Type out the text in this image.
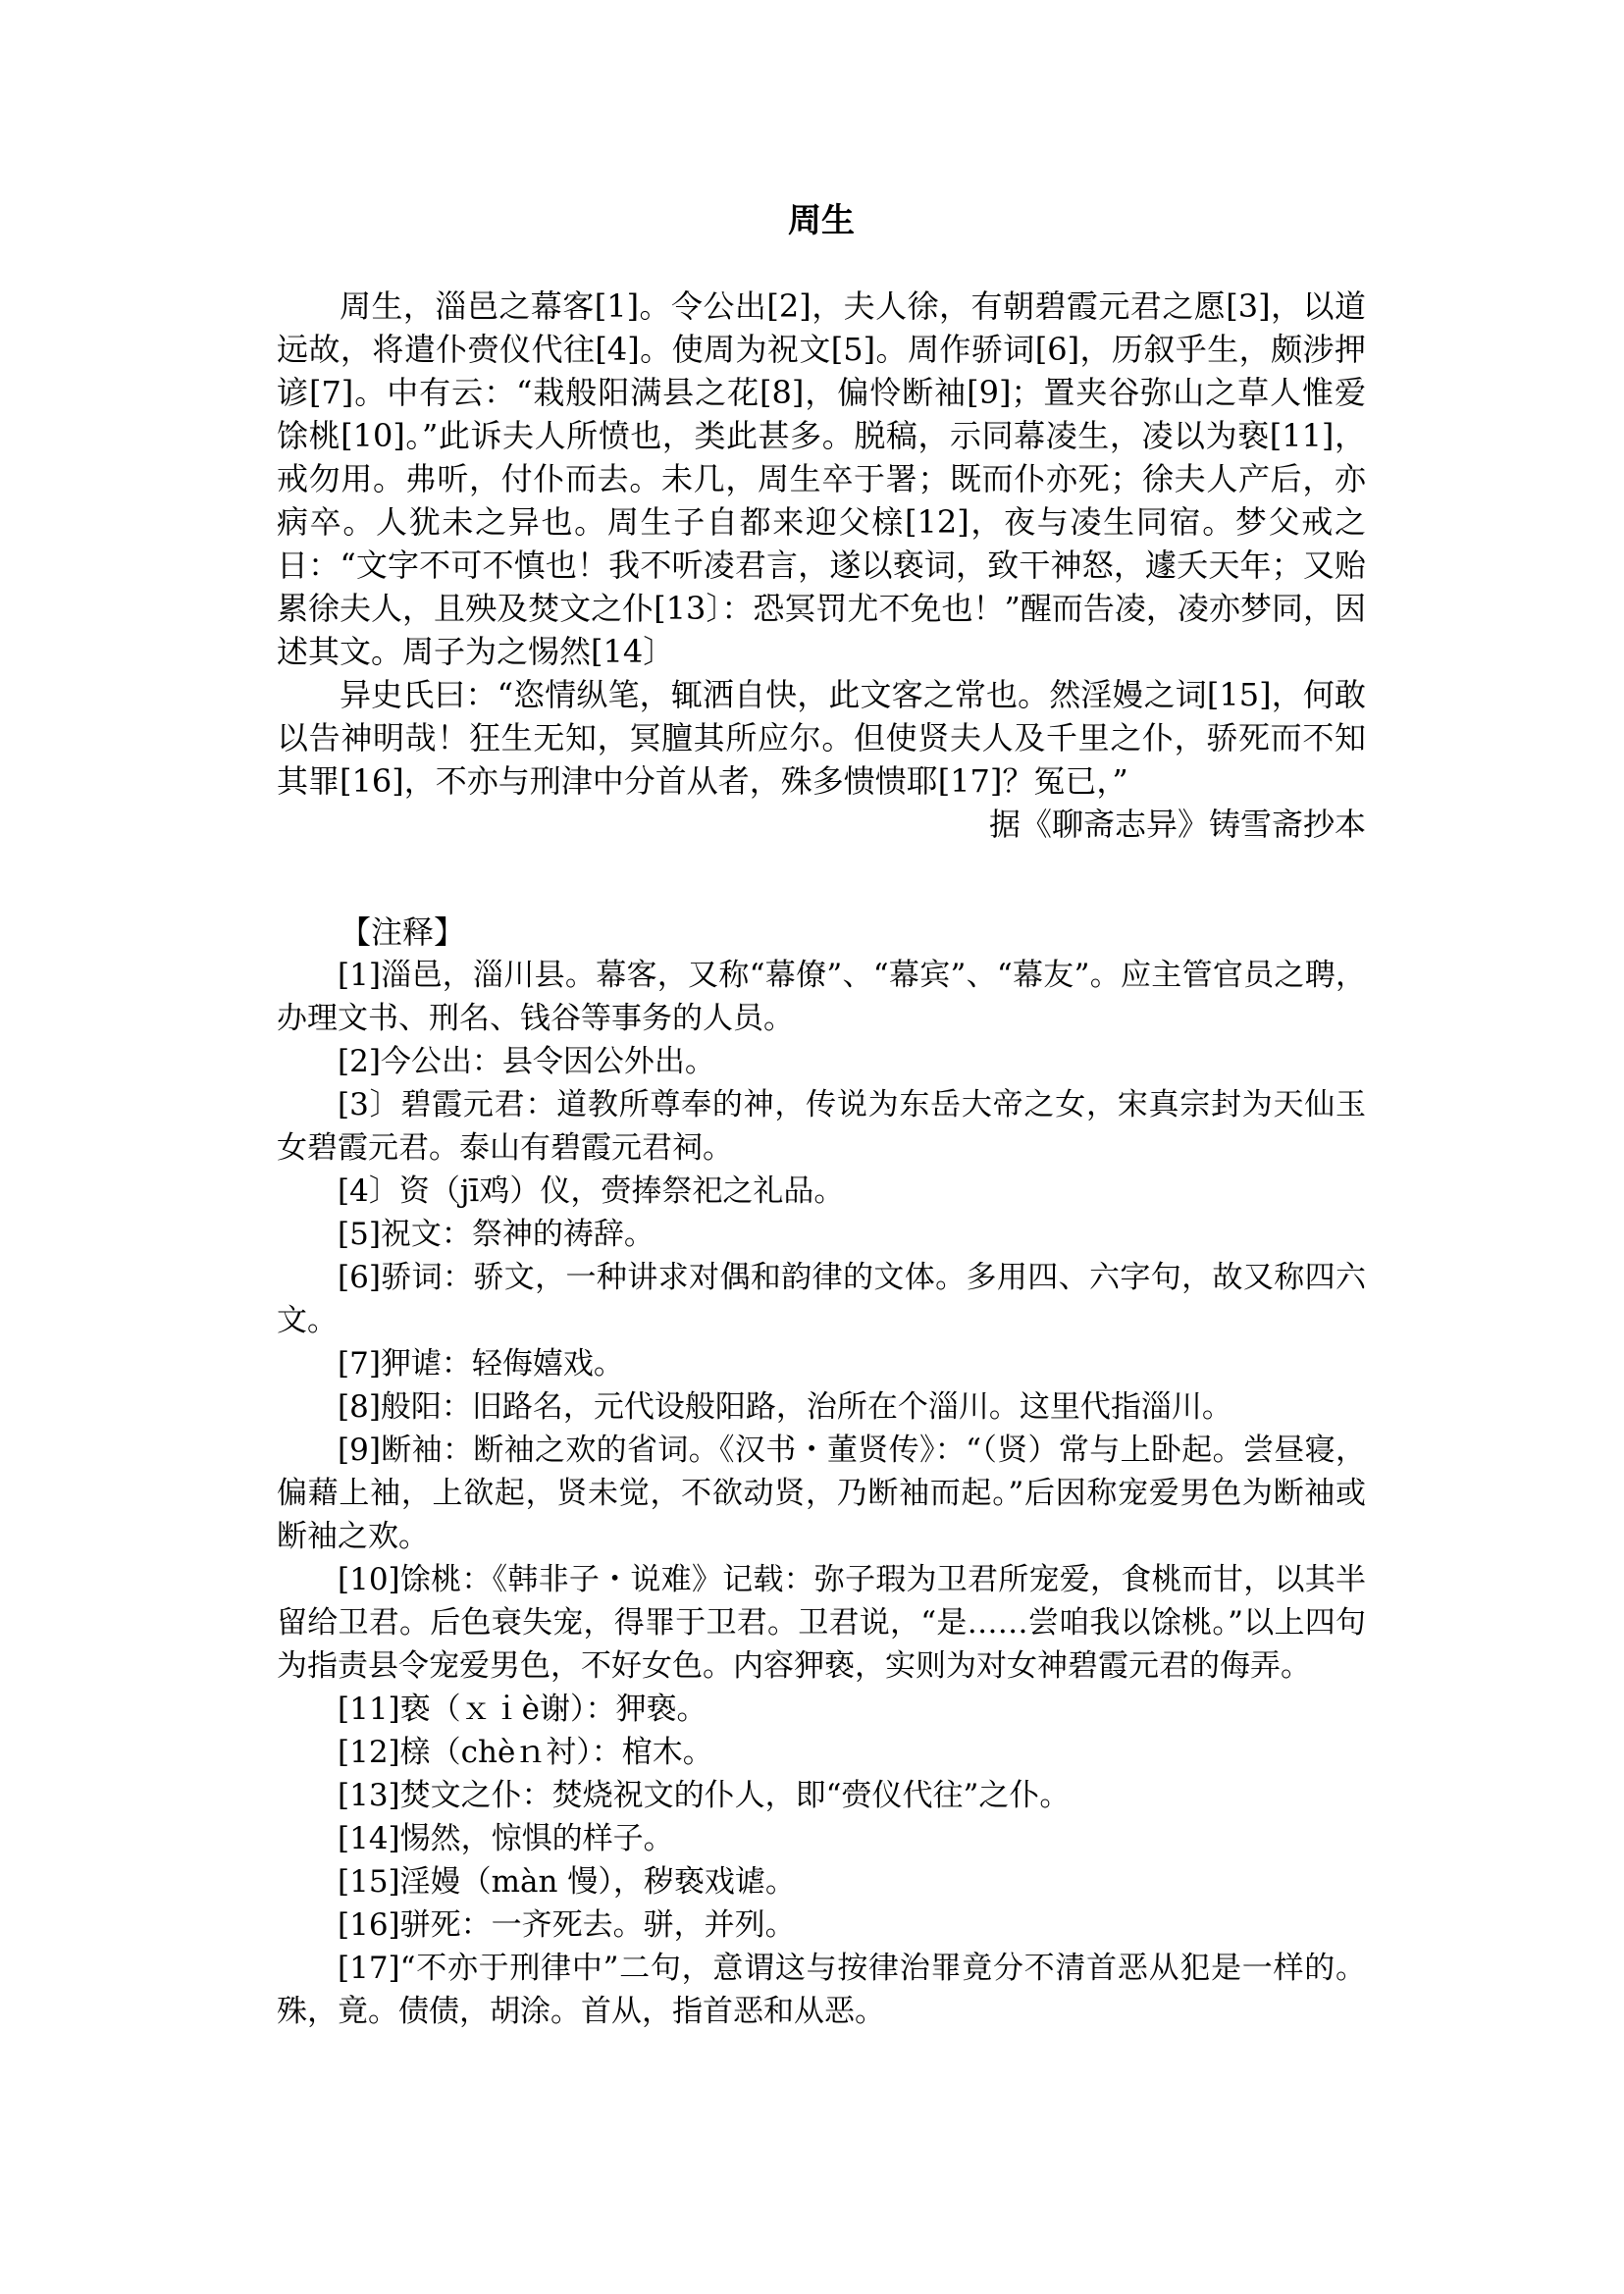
周生

周生，淄邑之幕客[1]。令公出[2]，夫人徐，有朝碧霞元君之愿[3]，以道远故，将遣仆赍仪代往[4]。使周为祝文[5]。周作骄词[6]，历叙乎生，颇涉押谚[7]。中有云：“栽般阳满县之花[8]，偏怜断袖[9]；置夹谷弥山之草人惟爱馀桃[10]。”此诉夫人所愤也，类此甚多。脱稿，示同幕凌生，凌以为亵[11]，戒勿用。弗听，付仆而去。未几，周生卒于署；既而仆亦死；徐夫人产后，亦病卒。人犹未之异也。周生子自都来迎父榇[12]，夜与凌生同宿。梦父戒之日：“文字不可不慎也！我不听凌君言，遂以亵词，致干神怒，遽夭天年；又贻累徐夫人，且殃及焚文之仆[13〕：恐冥罚尤不免也！”醒而告凌，凌亦梦同，因述其文。周子为之惕然[14〕

异史氏曰：“恣情纵笔，辄洒自快，此文客之常也。然淫嫚之词[15]，何敢以告神明哉！狂生无知，冥膻其所应尔。但使贤夫人及千里之仆，骄死而不知其罪[16]，不亦与刑津中分首从者，殊多愦愦耶[17]？冤已，”

据《聊斋志异》铸雪斋抄本

【注释】

[1]淄邑，淄川县。幕客，又称“幕僚”、“幕宾”、“幕友”。应主管官员之聘，办理文书、刑名、钱谷等事务的人员。

[2]今公出：县令因公外出。

[3〕碧霞元君：道教所尊奉的神，传说为东岳大帝之女，宋真宗封为天仙玉女碧霞元君。泰山有碧霞元君祠。

[4〕资（jī鸡）仪，赍捧祭祀之礼品。

[5]祝文：祭神的祷辞。

[6]骄词：骄文，一种讲求对偶和韵律的文体。多用四、六字句，故又称四六文。

[7]狎谑：轻侮嬉戏。

[8]般阳：旧路名，元代设般阳路，治所在个淄川。这里代指淄川。

[9]断袖：断袖之欢的省词。《汉书・董贤传》：“（贤）常与上卧起。尝昼寝，偏藉上袖，上欲起，贤未觉，不欲动贤，乃断袖而起。”后因称宠爱男色为断袖或断袖之欢。

[10]馀桃：《韩非子・说难》记载：弥子瑕为卫君所宠爱，食桃而甘，以其半留给卫君。后色衰失宠，得罪于卫君。卫君说，“是……尝咱我以馀桃。”以上四句为指责县令宠爱男色，不好女色。内容狎亵，实则为对女神碧霞元君的侮弄。

[11]亵（ｘｉè谢）：狎亵。

[12]榇（chèｎ衬）：棺木。

[13]焚文之仆：焚烧祝文的仆人，即“赍仪代往”之仆。

[14]惕然，惊惧的样子。

[15]淫嫚（màn 慢），秽亵戏谑。

[16]骈死：一齐死去。骈，并列。

[17]“不亦于刑律中”二句，意谓这与按律治罪竟分不清首恶从犯是一样的。殊，竟。债债，胡涂。首从，指首恶和从恶。
